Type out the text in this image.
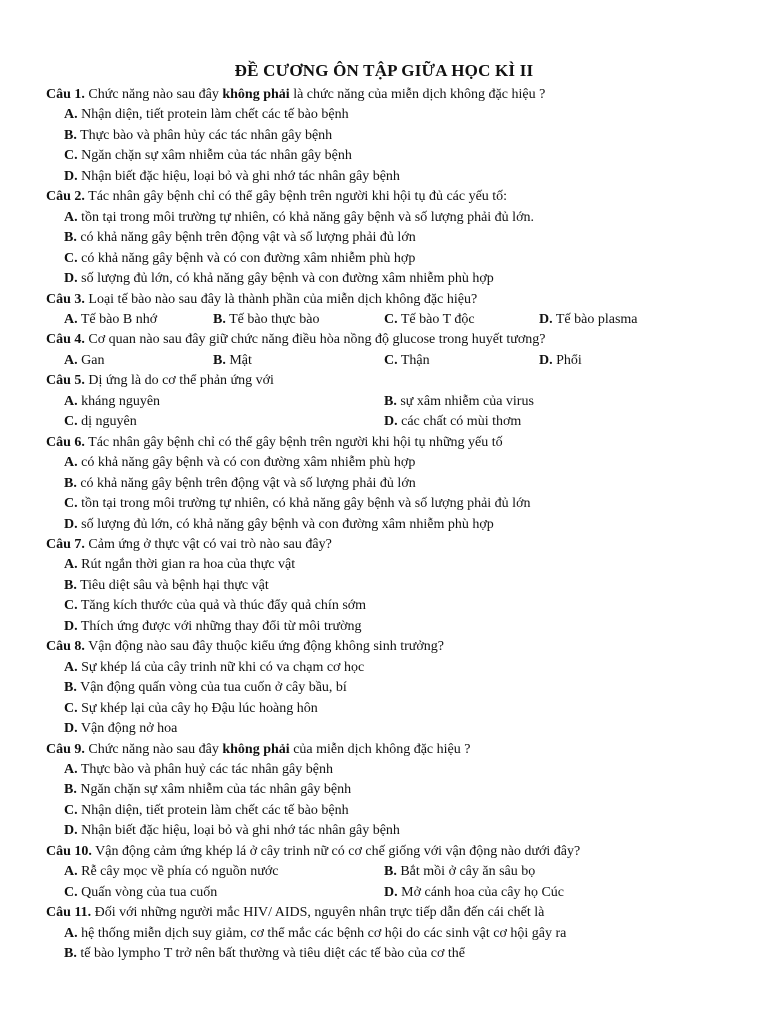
ĐỀ CƯƠNG ÔN TẬP GIỮA HỌC KÌ II
Câu 1. Chức năng nào sau đây không phải là chức năng của miễn dịch không đặc hiệu ?
A. Nhận diện, tiết protein làm chết các tế bào bệnh
B. Thực bào và phân hủy các tác nhân gây bệnh
C. Ngăn chặn sự xâm nhiễm của tác nhân gây bệnh
D. Nhận biết đặc hiệu, loại bỏ và ghi nhớ tác nhân gây bệnh
Câu 2. Tác nhân gây bệnh chỉ có thể gây bệnh trên người khi hội tụ đủ các yếu tố:
A. tồn tại trong môi trường tự nhiên, có khả năng gây bệnh và số lượng phải đủ lớn.
B. có khả năng gây bệnh trên động vật và số lượng phải đủ lớn
C. có khả năng gây bệnh và có con đường xâm nhiễm phù hợp
D. số lượng đủ lớn, có khả năng gây bệnh và con đường xâm nhiễm phù hợp
Câu 3. Loại tế bào nào sau đây là thành phần của miễn dịch không đặc hiệu?
A. Tế bào B nhớ	B. Tế bào thực bào	C. Tế bào T độc	D. Tế bào plasma
Câu 4. Cơ quan nào sau đây giữ chức năng điều hòa nồng độ glucose trong huyết tương?
A. Gan	B. Mật	C. Thận	D. Phổi
Câu 5. Dị ứng là do cơ thể phản ứng với
A. kháng nguyên	B. sự xâm nhiễm của virus
C. dị nguyên	D. các chất có mùi thơm
Câu 6. Tác nhân gây bệnh chỉ có thể gây bệnh trên người khi hội tụ những yếu tố
A. có khả năng gây bệnh và có con đường xâm nhiễm phù hợp
B. có khả năng gây bệnh trên động vật và số lượng phải đủ lớn
C. tồn tại trong môi trường tự nhiên, có khả năng gây bệnh và số lượng phải đủ lớn
D. số lượng đủ lớn, có khả năng gây bệnh và con đường xâm nhiễm phù hợp
Câu 7. Cảm ứng ở thực vật có vai trò nào sau đây?
A. Rút ngắn thời gian ra hoa của thực vật
B. Tiêu diệt sâu và bệnh hại thực vật
C. Tăng kích thước của quả và thúc đẩy quả chín sớm
D. Thích ứng được với những thay đổi từ môi trường
Câu 8. Vận động nào sau đây thuộc kiểu ứng động không sinh trưởng?
A. Sự khép lá của cây trinh nữ khi có va chạm cơ học
B. Vận động quấn vòng của tua cuốn ở cây bầu, bí
C. Sự khép lại của cây họ Đậu lúc hoàng hôn
D. Vận động nở hoa
Câu 9. Chức năng nào sau đây không phải của miễn dịch không đặc hiệu ?
A. Thực bào và phân huỷ các tác nhân gây bệnh
B. Ngăn chặn sự xâm nhiễm của tác nhân gây bệnh
C. Nhận diện, tiết protein làm chết các tế bào bệnh
D. Nhận biết đặc hiệu, loại bỏ và ghi nhớ tác nhân gây bệnh
Câu 10. Vận động cảm ứng khép lá ở cây trinh nữ có cơ chế giống với vận động nào dưới đây?
A. Rễ cây mọc về phía có nguồn nước	B. Bắt mồi ở cây ăn sâu bọ
C. Quấn vòng của tua cuốn	D. Mở cánh hoa của cây họ Cúc
Câu 11. Đối với những người mắc HIV/ AIDS, nguyên nhân trực tiếp dẫn đến cái chết là
A. hệ thống miễn dịch suy giảm, cơ thể mắc các bệnh cơ hội do các sinh vật cơ hội gây ra
B. tế bào lympho T trở nên bất thường và tiêu diệt các tế bào của cơ thể
